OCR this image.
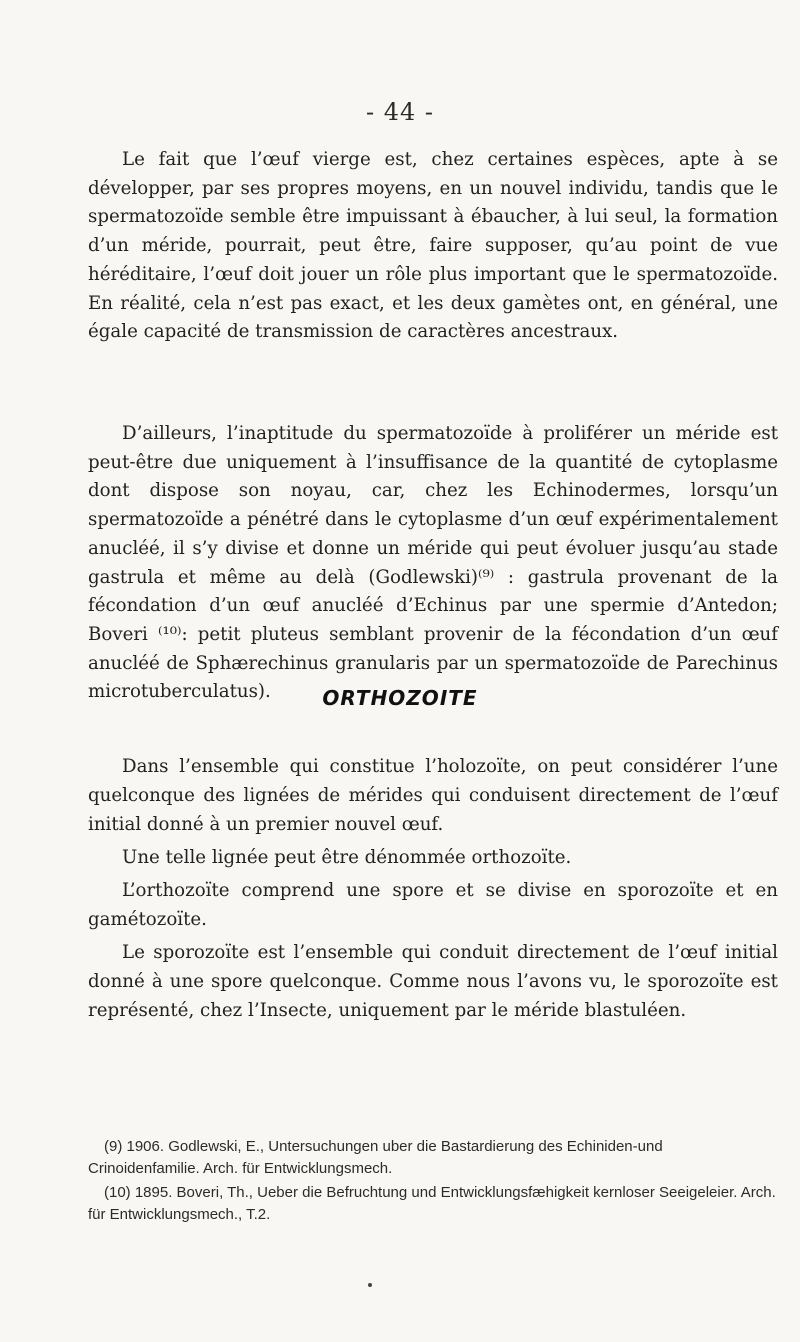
- 44 -
Le fait que l’œuf vierge est, chez certaines espèces, apte à se développer, par ses propres moyens, en un nouvel individu, tandis que le spermatozoïde semble être impuissant à ébaucher, à lui seul, la formation d’un méride, pourrait, peut être, faire supposer, qu’au point de vue héréditaire, l’œuf doit jouer un rôle plus important que le spermatozoïde. En réalité, cela n’est pas exact, et les deux gamètes ont, en général, une égale capacité de transmission de caractères ancestraux.
D’ailleurs, l’inaptitude du spermatozoïde à proliférer un méride est peut-être due uniquement à l’insuffisance de la quantité de cytoplasme dont dispose son noyau, car, chez les Echinodermes, lorsqu’un spermatozoïde a pénétré dans le cytoplasme d’un œuf expérimentalement anucléé, il s’y divise et donne un méride qui peut évoluer jusqu’au stade gastrula et même au delà (Godlewski)⁽⁹⁾ : gastrula provenant de la fécondation d’un œuf anucléé d’Echinus par une spermie d’Antedon; Boveri ⁽¹⁰⁾: petit pluteus semblant provenir de la fécondation d’un œuf anucléé de Sphærechinus granularis par un spermatozoïde de Parechinus microtuberculatus).	ORTHOZOITE

Dans l’ensemble qui constitue l’holozoïte, on peut considérer l’une quelconque des lignées de mérides qui conduisent directement de l’œuf initial donné à un premier nouvel œuf.

Une telle lignée peut être dénommée orthozoïte.

L’orthozoïte comprend une spore et se divise en sporozoïte et en gamétozoïte.

Le sporozoïte est l’ensemble qui conduit directement de l’œuf initial donné à une spore quelconque. Comme nous l’avons vu, le sporozoïte est représenté, chez l’Insecte, uniquement par le méride blastuléen.

(9) 1906. Godlewski, E., Untersuchungen uber die Bastardierung des Echiniden-und Crinoidenfamilie. Arch. für Entwicklungsmech.
(10) 1895. Boveri, Th., Ueber die Befruchtung und Entwicklungsfæhigkeit kernloser Seeigeleier. Arch. für Entwicklungsmech., T.2.
